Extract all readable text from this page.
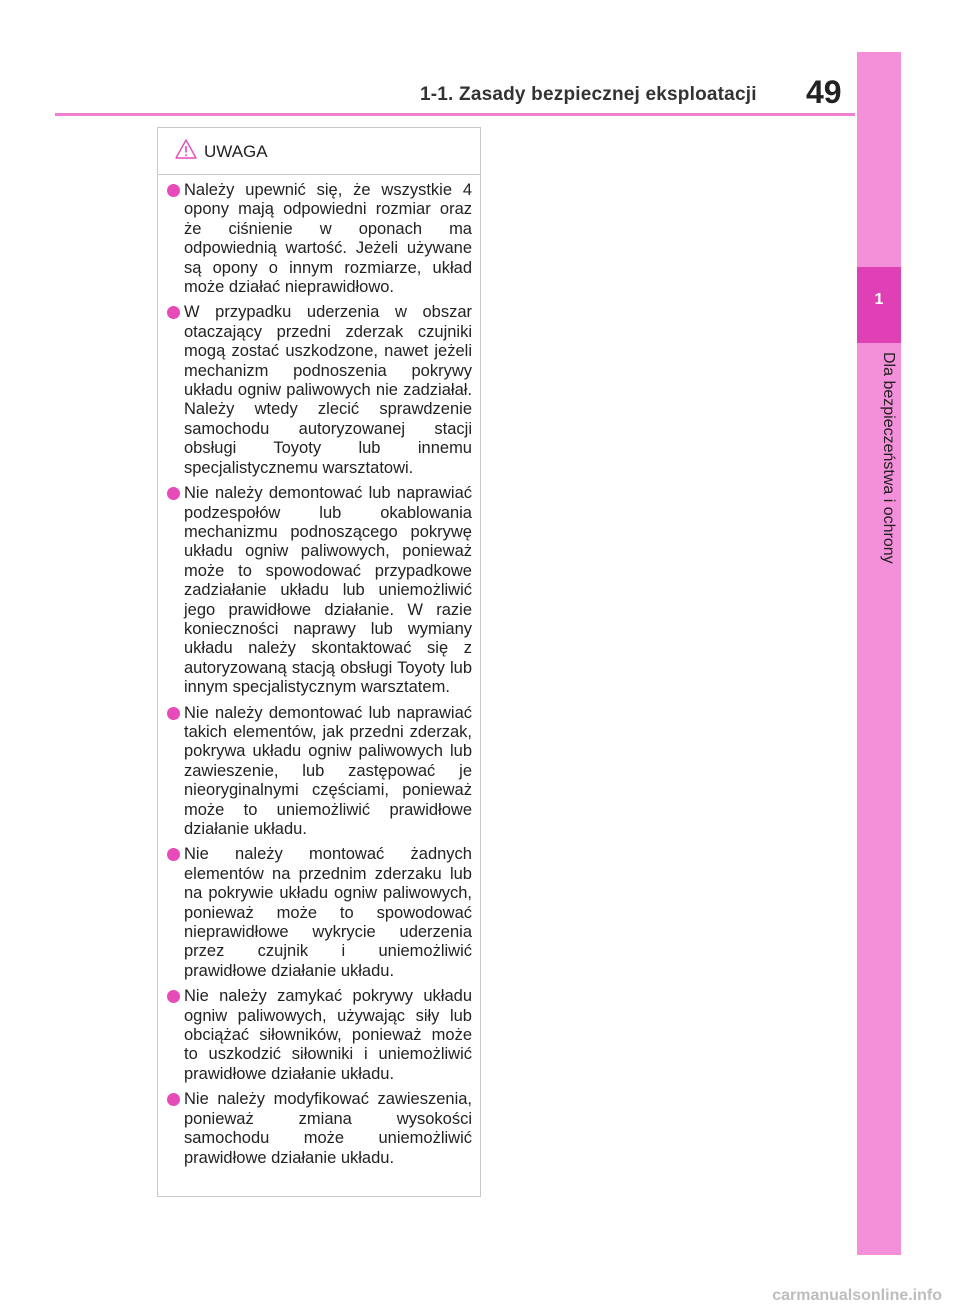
1-1. Zasady bezpiecznej eksploatacji 49
1
Dla bezpieczeństwa i ochrony
UWAGA
Należy upewnić się, że wszystkie 4 opony mają odpowiedni rozmiar oraz że ciśnienie w oponach ma odpowiednią wartość. Jeżeli używane są opony o innym rozmiarze, układ może działać nieprawidłowo.
W przypadku uderzenia w obszar otaczający przedni zderzak czujniki mogą zostać uszkodzone, nawet jeżeli mechanizm podnoszenia pokrywy układu ogniw paliwowych nie zadziałał. Należy wtedy zlecić sprawdzenie samochodu autoryzowanej stacji obsługi Toyoty lub innemu specjalistycznemu warsztatowi.
Nie należy demontować lub naprawiać podzespołów lub okablowania mechanizmu podnoszącego pokrywę układu ogniw paliwowych, ponieważ może to spowodować przypadkowe zadziałanie układu lub uniemożliwić jego prawidłowe działanie. W razie konieczności naprawy lub wymiany układu należy skontaktować się z autoryzowaną stacją obsługi Toyoty lub innym specjalistycznym warsztatem.
Nie należy demontować lub naprawiać takich elementów, jak przedni zderzak, pokrywa układu ogniw paliwowych lub zawieszenie, lub zastępować je nieoryginalnymi częściami, ponieważ może to uniemożliwić prawidłowe działanie układu.
Nie należy montować żadnych elementów na przednim zderzaku lub na pokrywie układu ogniw paliwowych, ponieważ może to spowodować nieprawidłowe wykrycie uderzenia przez czujnik i uniemożliwić prawidłowe działanie układu.
Nie należy zamykać pokrywy układu ogniw paliwowych, używając siły lub obciążać siłowników, ponieważ może to uszkodzić siłowniki i uniemożliwić prawidłowe działanie układu.
Nie należy modyfikować zawieszenia, ponieważ zmiana wysokości samochodu może uniemożliwić prawidłowe działanie układu.
carmanualsonline.info
